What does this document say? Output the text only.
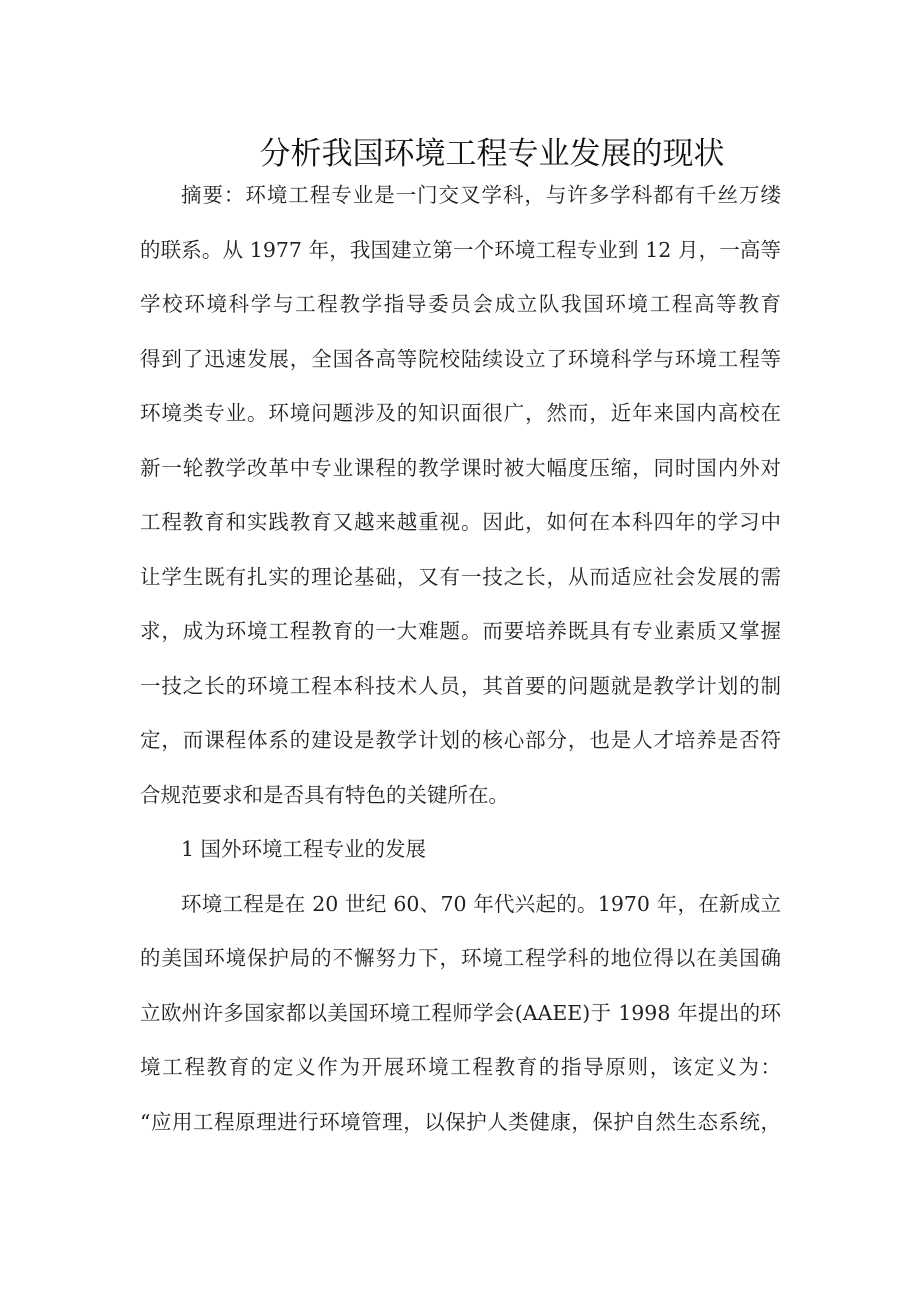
分析我国环境工程专业发展的现状
摘要：环境工程专业是一门交叉学科，与许多学科都有千丝万缕
的联系。从 1977 年，我国建立第一个环境工程专业到 12 月，一高等
学校环境科学与工程教学指导委员会成立队我国环境工程高等教育
得到了迅速发展，全国各高等院校陆续设立了环境科学与环境工程等
环境类专业。环境问题涉及的知识面很广，然而，近年来国内高校在
新一轮教学改革中专业课程的教学课时被大幅度压缩，同时国内外对
工程教育和实践教育又越来越重视。因此，如何在本科四年的学习中
让学生既有扎实的理论基础，又有一技之长，从而适应社会发展的需
求，成为环境工程教育的一大难题。而要培养既具有专业素质又掌握
一技之长的环境工程本科技术人员，其首要的问题就是教学计划的制
定，而课程体系的建设是教学计划的核心部分，也是人才培养是否符
合规范要求和是否具有特色的关键所在。
1 国外环境工程专业的发展
环境工程是在 20 世纪 60、70 年代兴起的。1970 年，在新成立
的美国环境保护局的不懈努力下，环境工程学科的地位得以在美国确
立欧州许多国家都以美国环境工程师学会(AAEE)于 1998 年提出的环
境工程教育的定义作为开展环境工程教育的指导原则，该定义为：
“应用工程原理进行环境管理，以保护人类健康，保护自然生态系统，
